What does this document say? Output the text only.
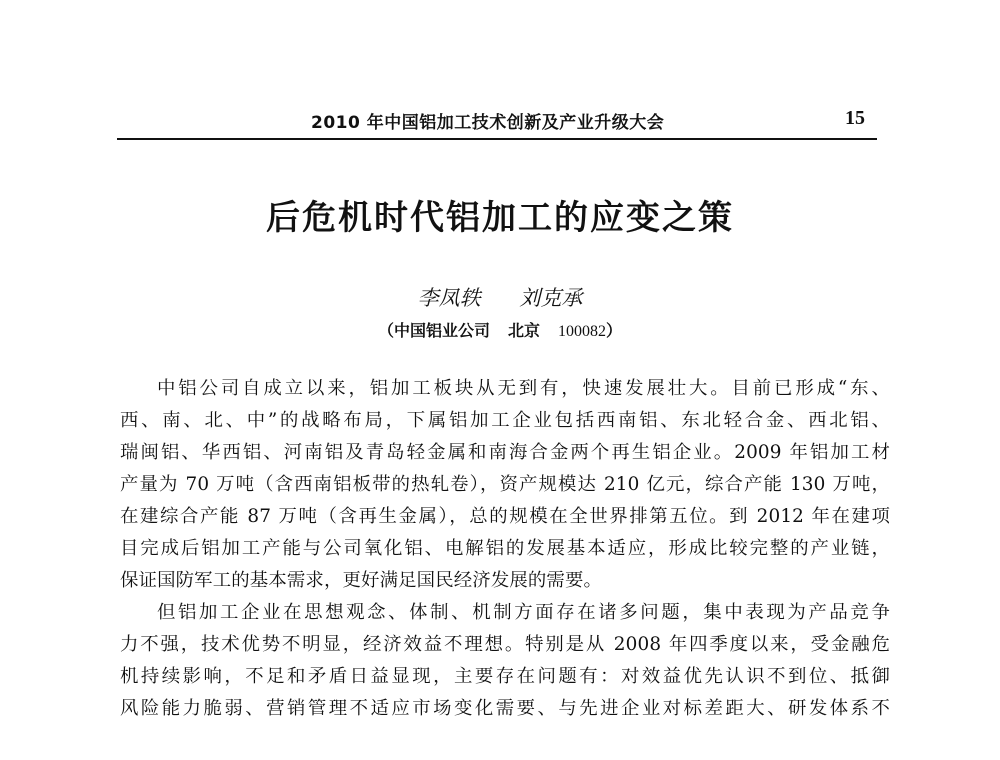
2010 年中国铝加工技术创新及产业升级大会	15
后危机时代铝加工的应变之策
李凤轶 刘克承
（中国铝业公司 北京 100082）
中铝公司自成立以来，铝加工板块从无到有，快速发展壮大。目前已形成“东、
西、南、北、中”的战略布局，下属铝加工企业包括西南铝、东北轻合金、西北铝、
瑞闽铝、华西铝、河南铝及青岛轻金属和南海合金两个再生铝企业。2009 年铝加工材
产量为 70 万吨（含西南铝板带的热轧卷），资产规模达 210 亿元，综合产能 130 万吨，
在建综合产能 87 万吨（含再生金属），总的规模在全世界排第五位。到 2012 年在建项
目完成后铝加工产能与公司氧化铝、电解铝的发展基本适应，形成比较完整的产业链，
保证国防军工的基本需求，更好满足国民经济发展的需要。
但铝加工企业在思想观念、体制、机制方面存在诸多问题，集中表现为产品竞争
力不强，技术优势不明显，经济效益不理想。特别是从 2008 年四季度以来，受金融危
机持续影响，不足和矛盾日益显现，主要存在问题有：对效益优先认识不到位、抵御
风险能力脆弱、营销管理不适应市场变化需要、与先进企业对标差距大、研发体系不
